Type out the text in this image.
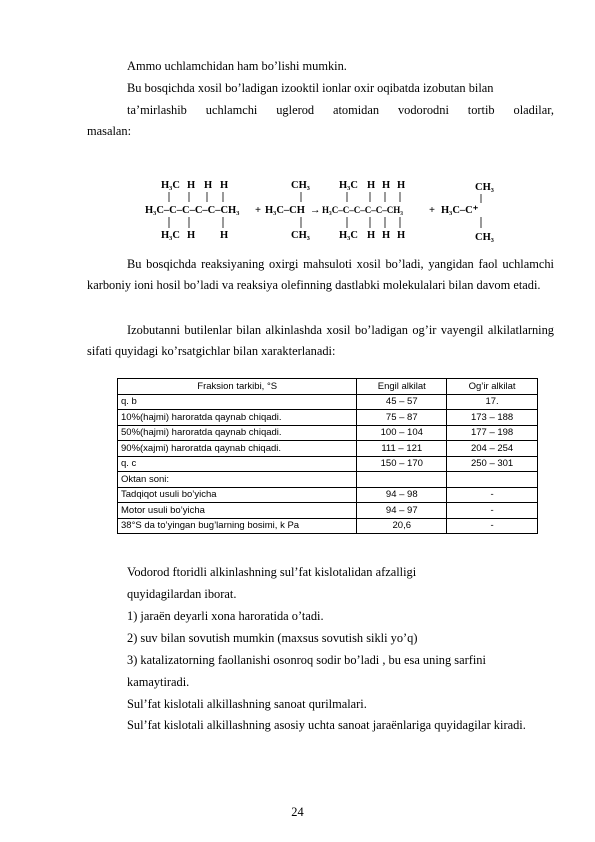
Ammo uchlamchidan ham bo’lishi mumkin.
Bu bosqichda xosil bo’ladigan izooktil ionlar oxir oqibatda izobutan bilan
ta’mirlashib uchlamchi uglerod atomidan vodorodni tortib oladilar,
masalan:
H₃C H H H
H₃C–C–C–C–C–CH₃
H₃C H H
+
CH₃
H₃C–CH
CH₃
→
H₃C H H H
H₃C–C–C–C–C–CH₃
H₃C H H H
+
CH₃
H₃C–C⁺
CH₃
Bu bosqichda reaksiyaning oxirgi mahsuloti xosil bo’ladi, yangidan faol uchlamchi karboniy ioni hosil bo’ladi va reaksiya olefinning dastlabki molekulalari bilan davom etadi.
Izobutanni butilenlar bilan alkinlashda xosil bo’ladigan og’ir vayengil alkilatlarning sifati quyidagi ko’rsatgichlar bilan xarakterlanadi:
Fraksion tarkibi, °S	Engil alkilat	Og’ir alkilat
q. b	45 – 57	17.
10%(hajmi) haroratda qaynab chiqadi.	75 – 87	173 – 188
50%(hajmi) haroratda qaynab chiqadi.	100 – 104	177 – 198
90%(xajmi) haroratda qaynab chiqadi.	111 – 121	204 – 254
q. c	150 – 170	250 – 301
Oktan soni:		
Tadqiqot usuli bo’yicha	94 – 98	-
Motor usuli bo’yicha	94 – 97	-
38°S da to’yingan bug’larning bosimi, k Pa	20,6	-
Vodorod ftoridli alkinlashning sul’fat kislotalidan afzalligi
quyidagilardan iborat.
1) jaraёn deyarli xona haroratida o’tadi.
2) suv bilan sovutish mumkin (maxsus sovutish sikli yo’q)
3) katalizatorning faollanishi osonroq sodir bo’ladi , bu esa uning sarfini
kamaytiradi.
Sul’fat kislotali alkillashning sanoat qurilmalari.
Sul’fat kislotali alkillashning asosiy uchta sanoat jaraёnlariga quyidagilar kiradi.
24
